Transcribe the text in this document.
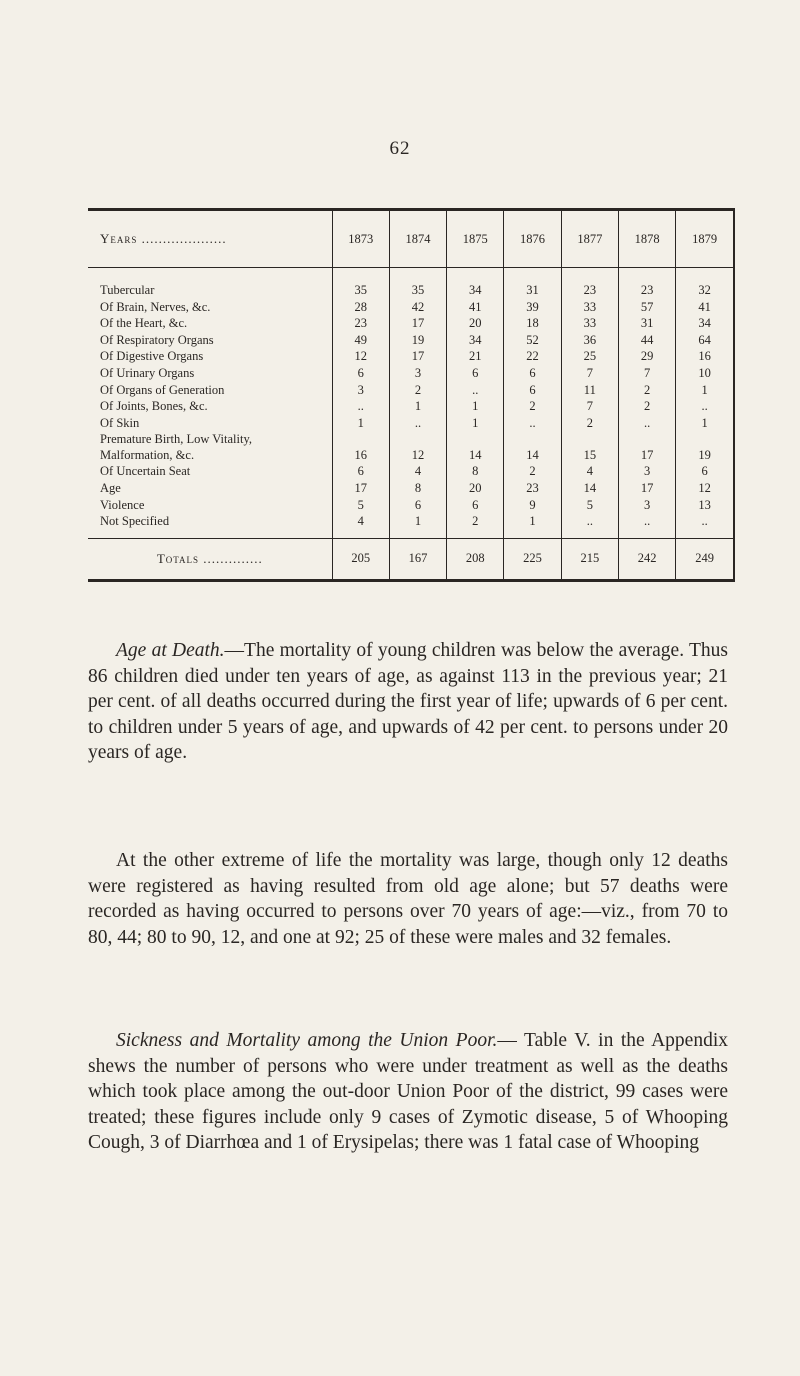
62
Years ....................	1873	1874	1875	1876	1877	1878	1879
Tubercular	35	35	34	31	23	23	32
Of Brain, Nerves, &c.	28	42	41	39	33	57	41
Of the Heart, &c.	23	17	20	18	33	31	34
Of Respiratory Organs	49	19	34	52	36	44	64
Of Digestive Organs	12	17	21	22	25	29	16
Of Urinary Organs	6	3	6	6	7	7	10
Of Organs of Generation	3	2	..	6	11	2	1
Of Joints, Bones, &c.	..	1	1	2	7	2	..
Of Skin	1	..	1	..	2	..	1
Premature Birth, Low Vitality, Malformation, &c.	16	12	14	14	15	17	19
Of Uncertain Seat	6	4	8	2	4	3	6
Age	17	8	20	23	14	17	12
Violence	5	6	6	9	5	3	13
Not Specified	4	1	2	1	..	..	..
Totals ..............	205	167	208	225	215	242	249

Age at Death.—The mortality of young children was below the average. Thus 86 children died under ten years of age, as against 113 in the previous year; 21 per cent. of all deaths occurred during the first year of life; upwards of 6 per cent. to children under 5 years of age, and upwards of 42 per cent. to persons under 20 years of age.

At the other extreme of life the mortality was large, though only 12 deaths were registered as having resulted from old age alone; but 57 deaths were recorded as having occurred to persons over 70 years of age:—viz., from 70 to 80, 44; 80 to 90, 12, and one at 92; 25 of these were males and 32 females.

Sickness and Mortality among the Union Poor.— Table V. in the Appendix shews the number of persons who were under treatment as well as the deaths which took place among the out-door Union Poor of the district, 99 cases were treated; these figures include only 9 cases of Zymotic disease, 5 of Whooping Cough, 3 of Diarrhœa and 1 of Erysipelas; there was 1 fatal case of Whooping
